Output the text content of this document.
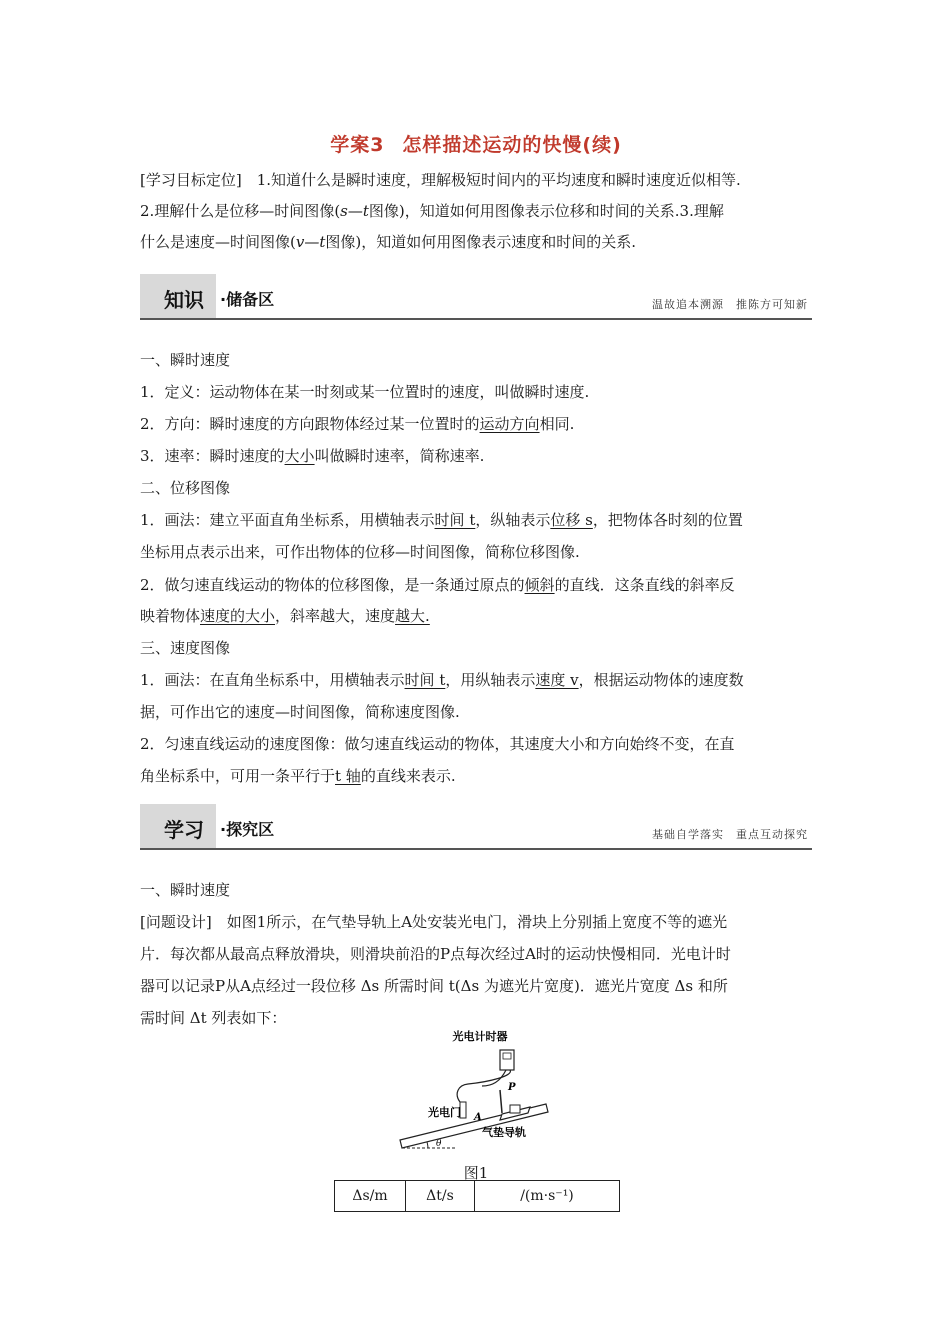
学案3 怎样描述运动的快慢(续)
[学习目标定位]　1.知道什么是瞬时速度，理解极短时间内的平均速度和瞬时速度近似相等.
2.理解什么是位移—时间图像(s—t图像)，知道如何用图像表示位移和时间的关系.3.理解
什么是速度—时间图像(v—t图像)，知道如何用图像表示速度和时间的关系.
知识 ·储备区	温故追本溯源　推陈方可知新
一、瞬时速度
1．定义：运动物体在某一时刻或某一位置时的速度，叫做瞬时速度.
2．方向：瞬时速度的方向跟物体经过某一位置时的运动方向相同.
3．速率：瞬时速度的大小叫做瞬时速率，简称速率.
二、位移图像
1．画法：建立平面直角坐标系，用横轴表示时间 t，纵轴表示位移 s，把物体各时刻的位置
坐标用点表示出来，可作出物体的位移—时间图像，简称位移图像.
2．做匀速直线运动的物体的位移图像，是一条通过原点的倾斜的直线．这条直线的斜率反
映着物体速度的大小，斜率越大，速度越大.
三、速度图像
1．画法：在直角坐标系中，用横轴表示时间 t，用纵轴表示速度 v，根据运动物体的速度数
据，可作出它的速度—时间图像，简称速度图像.
2．匀速直线运动的速度图像：做匀速直线运动的物体，其速度大小和方向始终不变，在直
角坐标系中，可用一条平行于t 轴的直线来表示.
学习 ·探究区	基础自学落实　重点互动探究
一、瞬时速度
[问题设计]　如图1所示，在气垫导轨上A处安装光电门，滑块上分别插上宽度不等的遮光
片．每次都从最高点释放滑块，则滑块前沿的P点每次经过A时的运动快慢相同．光电计时
器可以记录P从A点经过一段位移 Δs 所需时间 t(Δs 为遮光片宽度)．遮光片宽度 Δs 和所
需时间 Δt 列表如下：
光电计时器
P
A
光电门
气垫导轨
θ
图1
Δs/m	Δt/s	/(m·s⁻¹)
